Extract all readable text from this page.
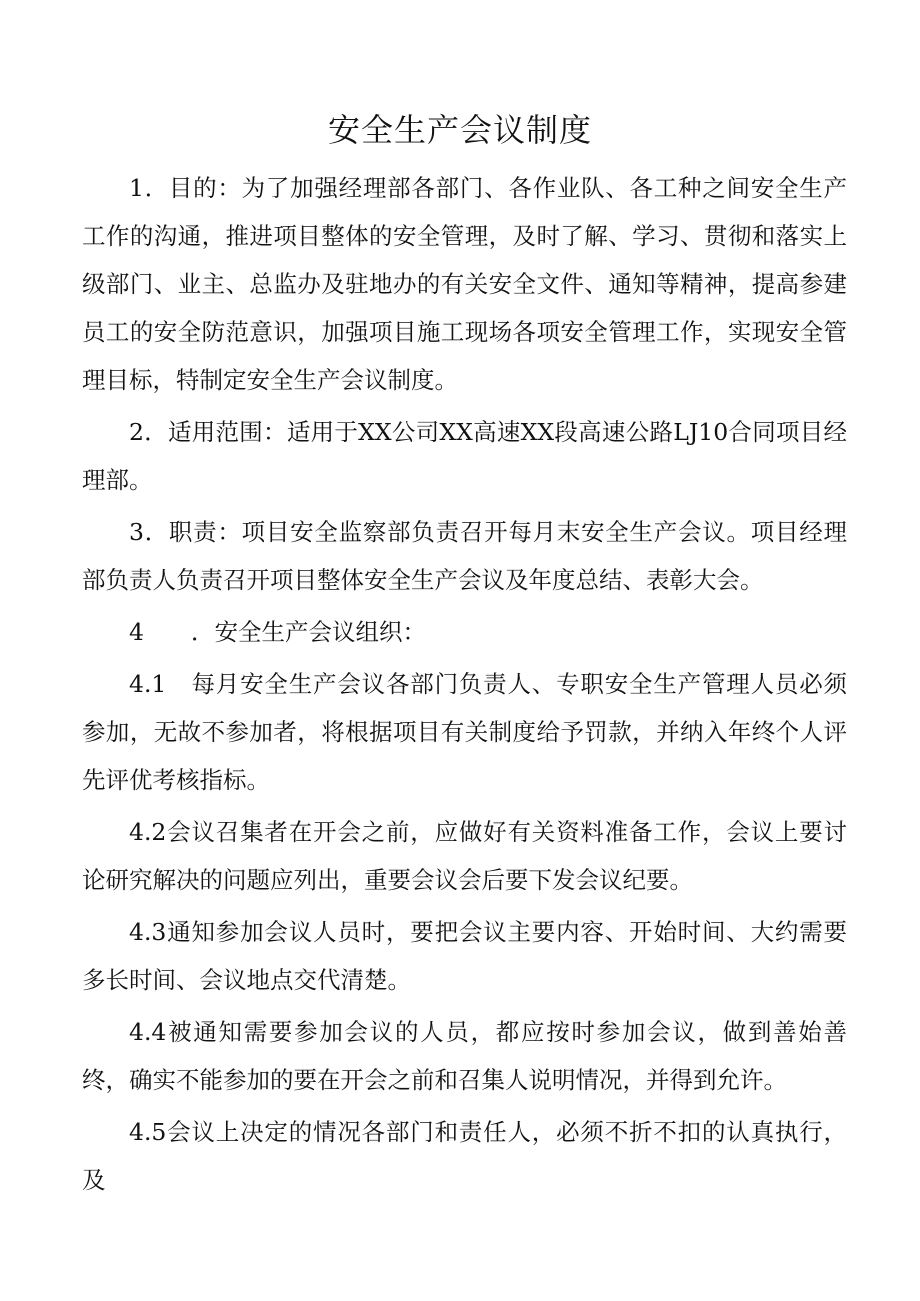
安全生产会议制度

1．目的：为了加强经理部各部门、各作业队、各工种之间安全生产工作的沟通，推进项目整体的安全管理，及时了解、学习、贯彻和落实上级部门、业主、总监办及驻地办的有关安全文件、通知等精神，提高参建员工的安全防范意识，加强项目施工现场各项安全管理工作，实现安全管理目标，特制定安全生产会议制度。

2．适用范围：适用于XX公司XX高速XX段高速公路LJ10合同项目经理部。

3．职责：项目安全监察部负责召开每月末安全生产会议。项目经理部负责人负责召开项目整体安全生产会议及年度总结、表彰大会。

4　　．安全生产会议组织：

4.1　每月安全生产会议各部门负责人、专职安全生产管理人员必须参加，无故不参加者，将根据项目有关制度给予罚款，并纳入年终个人评先评优考核指标。

4.2会议召集者在开会之前，应做好有关资料准备工作，会议上要讨论研究解决的问题应列出，重要会议会后要下发会议纪要。

4.3通知参加会议人员时，要把会议主要内容、开始时间、大约需要多长时间、会议地点交代清楚。

4.4被通知需要参加会议的人员，都应按时参加会议，做到善始善终，确实不能参加的要在开会之前和召集人说明情况，并得到允许。

4.5会议上决定的情况各部门和责任人，必须不折不扣的认真执行，及
